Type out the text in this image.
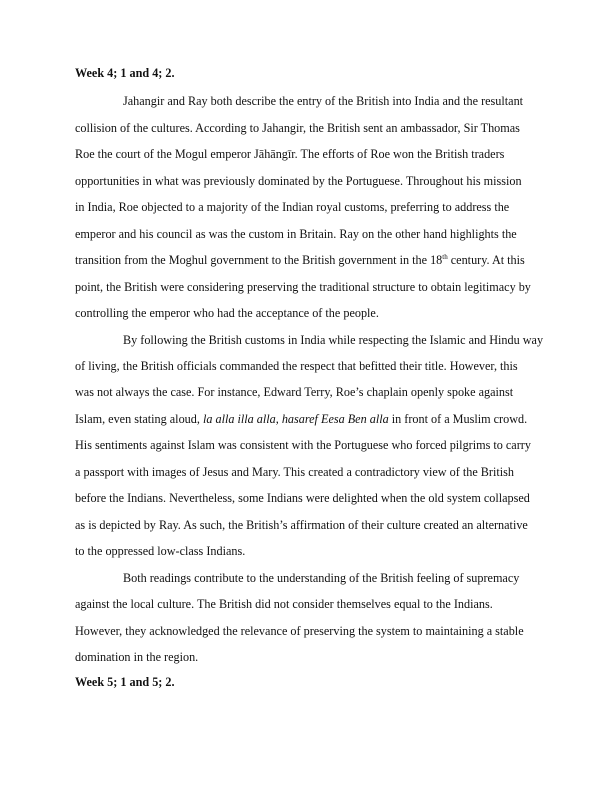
Week 4; 1 and 4; 2.
Jahangir and Ray both describe the entry of the British into India and the resultant
collision of the cultures. According to Jahangir, the British sent an ambassador, Sir Thomas
Roe the court of the Mogul emperor Jāhāngīr. The efforts of Roe won the British traders
opportunities in what was previously dominated by the Portuguese. Throughout his mission
in India, Roe objected to a majority of the Indian royal customs, preferring to address the
emperor and his council as was the custom in Britain. Ray on the other hand highlights the
transition from the Moghul government to the British government in the 18th century. At this
point, the British were considering preserving the traditional structure to obtain legitimacy by
controlling the emperor who had the acceptance of the people.
By following the British customs in India while respecting the Islamic and Hindu way
of living, the British officials commanded the respect that befitted their title. However, this
was not always the case. For instance, Edward Terry, Roe’s chaplain openly spoke against
Islam, even stating aloud, la alla illa alla, hasaref Eesa Ben alla in front of a Muslim crowd.
His sentiments against Islam was consistent with the Portuguese who forced pilgrims to carry
a passport with images of Jesus and Mary. This created a contradictory view of the British
before the Indians. Nevertheless, some Indians were delighted when the old system collapsed
as is depicted by Ray. As such, the British’s affirmation of their culture created an alternative
to the oppressed low-class Indians.
Both readings contribute to the understanding of the British feeling of supremacy
against the local culture. The British did not consider themselves equal to the Indians.
However, they acknowledged the relevance of preserving the system to maintaining a stable
domination in the region.
Week 5; 1 and 5; 2.
